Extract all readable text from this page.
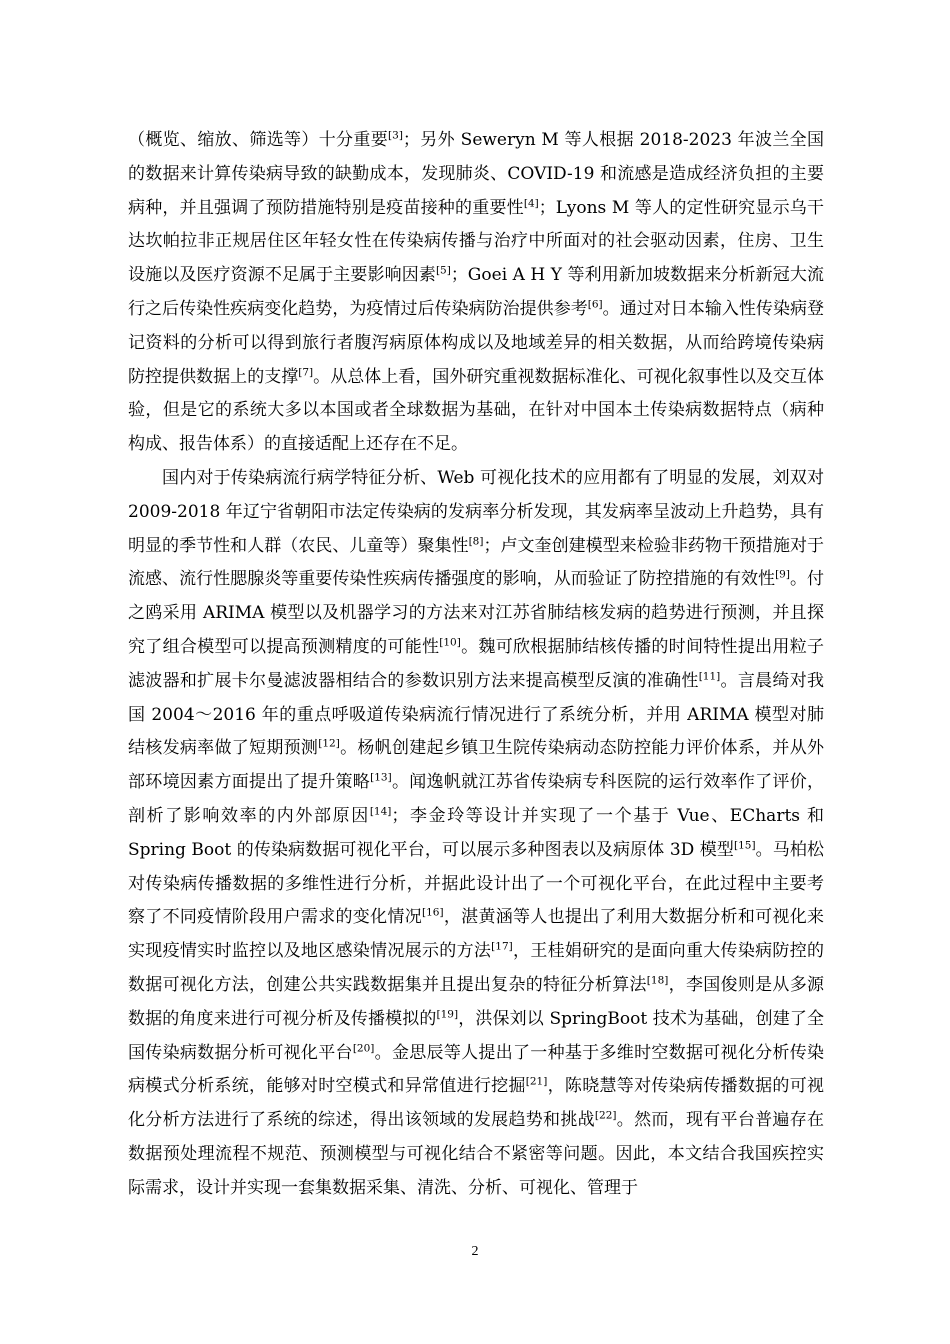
（概览、缩放、筛选等）十分重要[3]；另外 Seweryn M 等人根据 2018-2023 年波兰全国的数据来计算传染病导致的缺勤成本，发现肺炎、COVID-19 和流感是造成经济负担的主要病种，并且强调了预防措施特别是疫苗接种的重要性[4]；Lyons M 等人的定性研究显示乌干达坎帕拉非正规居住区年轻女性在传染病传播与治疗中所面对的社会驱动因素，住房、卫生设施以及医疗资源不足属于主要影响因素[5]；Goei A H Y 等利用新加坡数据来分析新冠大流行之后传染性疾病变化趋势，为疫情过后传染病防治提供参考[6]。通过对日本输入性传染病登记资料的分析可以得到旅行者腹泻病原体构成以及地域差异的相关数据，从而给跨境传染病防控提供数据上的支撑[7]。从总体上看，国外研究重视数据标准化、可视化叙事性以及交互体验，但是它的系统大多以本国或者全球数据为基础，在针对中国本土传染病数据特点（病种构成、报告体系）的直接适配上还存在不足。

国内对于传染病流行病学特征分析、Web 可视化技术的应用都有了明显的发展，刘双对 2009-2018 年辽宁省朝阳市法定传染病的发病率分析发现，其发病率呈波动上升趋势，具有明显的季节性和人群（农民、儿童等）聚集性[8]；卢文奎创建模型来检验非药物干预措施对于流感、流行性腮腺炎等重要传染性疾病传播强度的影响，从而验证了防控措施的有效性[9]。付之鸥采用 ARIMA 模型以及机器学习的方法来对江苏省肺结核发病的趋势进行预测，并且探究了组合模型可以提高预测精度的可能性[10]。魏可欣根据肺结核传播的时间特性提出用粒子滤波器和扩展卡尔曼滤波器相结合的参数识别方法来提高模型反演的准确性[11]。言晨绮对我国 2004～2016 年的重点呼吸道传染病流行情况进行了系统分析，并用 ARIMA 模型对肺结核发病率做了短期预测[12]。杨帆创建起乡镇卫生院传染病动态防控能力评价体系，并从外部环境因素方面提出了提升策略[13]。闻逸帆就江苏省传染病专科医院的运行效率作了评价，剖析了影响效率的内外部原因[14]；李金玲等设计并实现了一个基于 Vue、ECharts 和 Spring Boot 的传染病数据可视化平台，可以展示多种图表以及病原体 3D 模型[15]。马柏松对传染病传播数据的多维性进行分析，并据此设计出了一个可视化平台，在此过程中主要考察了不同疫情阶段用户需求的变化情况[16]，湛黄涵等人也提出了利用大数据分析和可视化来实现疫情实时监控以及地区感染情况展示的方法[17]，王桂娟研究的是面向重大传染病防控的数据可视化方法，创建公共实践数据集并且提出复杂的特征分析算法[18]，李国俊则是从多源数据的角度来进行可视分析及传播模拟的[19]，洪保刘以 SpringBoot 技术为基础，创建了全国传染病数据分析可视化平台[20]。金思辰等人提出了一种基于多维时空数据可视化分析传染病模式分析系统，能够对时空模式和异常值进行挖掘[21]，陈晓慧等对传染病传播数据的可视化分析方法进行了系统的综述，得出该领域的发展趋势和挑战[22]。然而，现有平台普遍存在数据预处理流程不规范、预测模型与可视化结合不紧密等问题。因此，本文结合我国疾控实际需求，设计并实现一套集数据采集、清洗、分析、可视化、管理于

2
